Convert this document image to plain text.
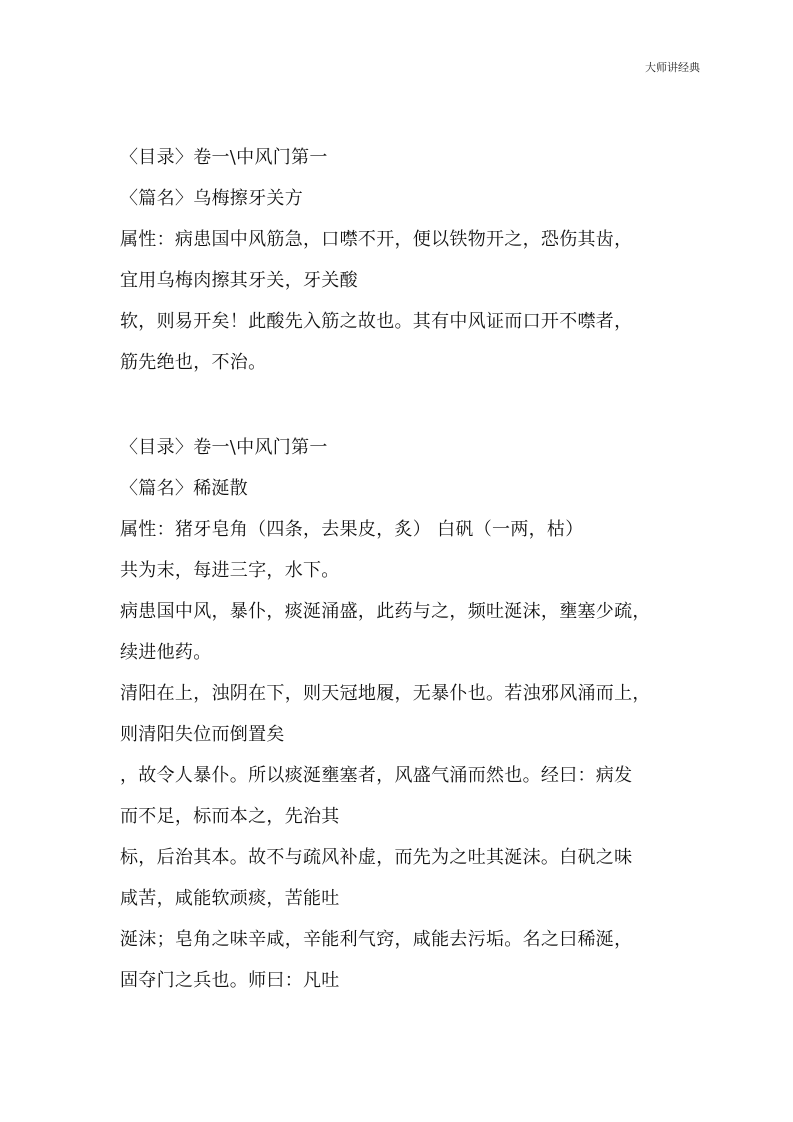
大师讲经典
〈目录〉卷一\中风门第一
〈篇名〉乌梅擦牙关方
属性：病患国中风筋急，口噤不开，便以铁物开之，恐伤其齿，
宜用乌梅肉擦其牙关，牙关酸
软，则易开矣！此酸先入筋之故也。其有中风证而口开不噤者，
筋先绝也，不治。
〈目录〉卷一\中风门第一
〈篇名〉稀涎散
属性：猪牙皂角（四条，去果皮，炙） 白矾（一两，枯）
共为末，每进三字，水下。
病患国中风，暴仆，痰涎涌盛，此药与之，频吐涎沫，壅塞少疏，
续进他药。
清阳在上，浊阴在下，则天冠地履，无暴仆也。若浊邪风涌而上，
则清阳失位而倒置矣
，故令人暴仆。所以痰涎壅塞者，风盛气涌而然也。经曰：病发
而不足，标而本之，先治其
标，后治其本。故不与疏风补虚，而先为之吐其涎沫。白矾之味
咸苦，咸能软顽痰，苦能吐
涎沫；皂角之味辛咸，辛能利气窍，咸能去污垢。名之曰稀涎，
固夺门之兵也。师曰：凡吐
